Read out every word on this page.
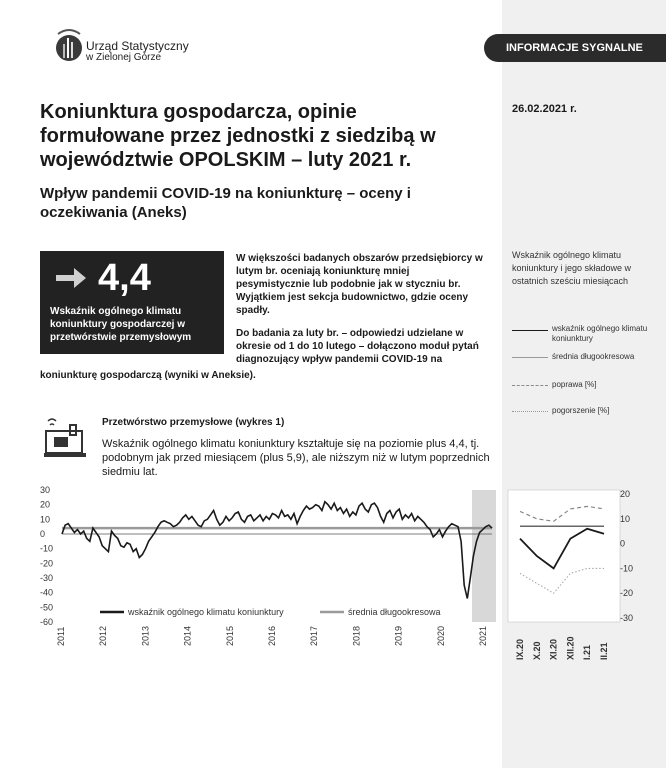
Urząd Statystyczny
w Zielonej Górze
INFORMACJE SYGNALNE
26.02.2021 r.
Koniunktura gospodarcza, opinie formułowane przez jednostki z siedzibą w województwie OPOLSKIM – luty 2021 r.
Wpływ pandemii COVID-19 na koniunkturę – oceny i oczekiwania (Aneks)
4,4
Wskaźnik ogólnego klimatu koniunktury gospodarczej w przetwórstwie przemysłowym
W większości badanych obszarów przedsiębiorcy w lutym br. oceniają koniunkturę mniej pesymistycznie lub podobnie jak w styczniu br. Wyjątkiem jest sekcja budownictwo, gdzie oceny spadły.
Do badania za luty br. – odpowiedzi udzielane w okresie od 1 do 10 lutego – dołączono moduł pytań diagnozujący wpływ pandemii COVID-19 na
koniunkturę gospodarczą (wyniki w Aneksie).
Wskaźnik ogólnego klimatu koniunktury i jego składowe w ostatnich sześciu miesiącach
wskaźnik ogólnego klimatu koniunktury
średnia długookresowa
poprawa [%]
pogorszenie [%]
Przetwórstwo przemysłowe (wykres 1)
Wskaźnik ogólnego klimatu koniunktury kształtuje się na poziomie plus 4,4, tj. podobnym jak przed miesiącem (plus 5,9), ale niższym niż w lutym poprzednich siedmiu lat.
30
20
10
0
-10
-20
-30
-40
-50
-60
2011	2012	2013	2014	2015	2016	2017	2018	2019	2020	2021
wskaźnik ogólnego klimatu koniunktury	średnia długookresowa
20
10
0
-10
-20
-30
IX.20 X.20 XI.20 XII.20 I.21 II.21
